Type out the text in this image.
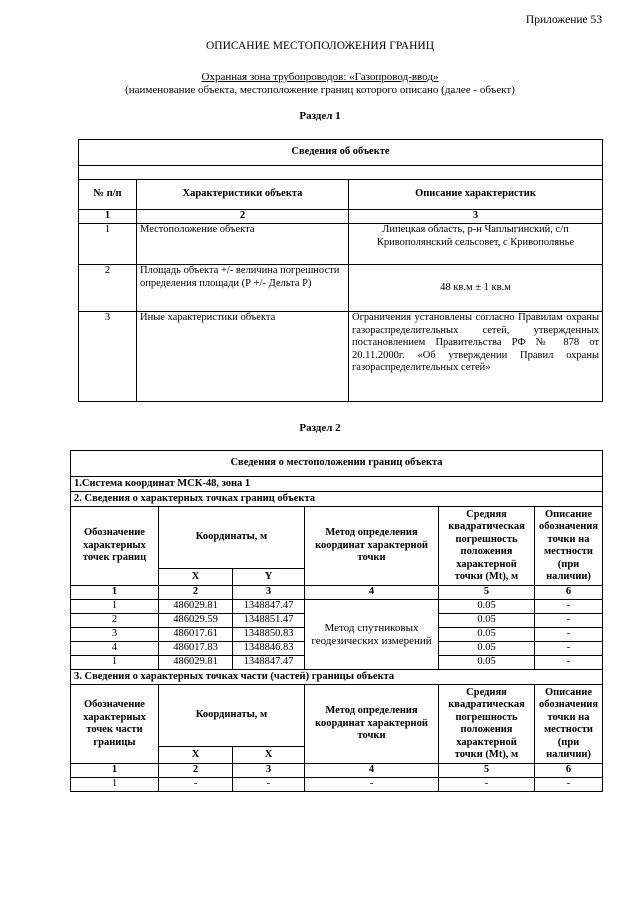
Приложение 53
ОПИСАНИЕ МЕСТОПОЛОЖЕНИЯ ГРАНИЦ
Охранная зона трубопроводов: «Газопровод-ввод»
(наименование объекта, местоположение границ которого описано (далее - объект)
Раздел 1
Сведения об объекте		

№ п/п	Характеристики объекта	Описание характеристик
1	2	3
1	Местоположение объекта	Липецкая область, р-н Чаплыгинский, с/п Кривополянский сельсовет, с Кривополянье
2	Площадь объекта +/- величина погрешности определения площади (Р +/- Дельта Р)	48 кв.м ± 1 кв.м
3	Иные характеристики объекта	Ограничения установлены согласно Правилам охраны газораспределительных сетей, утвержденных постановлением Правительства РФ № 878 от 20.11.2000г. «Об утверждении Правил охраны газораспределительных сетей»
Раздел 2
Сведения о местоположении границ объекта					
1.Система координат МСК-48, зона 1					
2. Сведения о характерных точках границ объекта					
Обозначение характерных точек границ	Координаты, м		Метод определения координат характерной точки	Средняя квадратическая погрешность положения характерной точки (Mt), м	Описание обозначения точки на местности (при наличии)
	X	Y			
1	2	3	4	5	6
1	486029.81	1348847.47	Метод спутниковых геодезических измерений	0.05	-
2	486029.59	1348851.47		0.05	-
3	486017.61	1348850.83		0.05	-
4	486017.83	1348846.83		0.05	-
1	486029.81	1348847.47		0.05	-
3. Сведения о характерных точках части (частей) границы объекта					
Обозначение характерных точек части границы	Координаты, м		Метод определения координат характерной точки	Средняя квадратическая погрешность положения характерной точки (Mt), м	Описание обозначения точки на местности (при наличии)
	X	X			
1	2	3	4	5	6
1	-	-	-	-	-
